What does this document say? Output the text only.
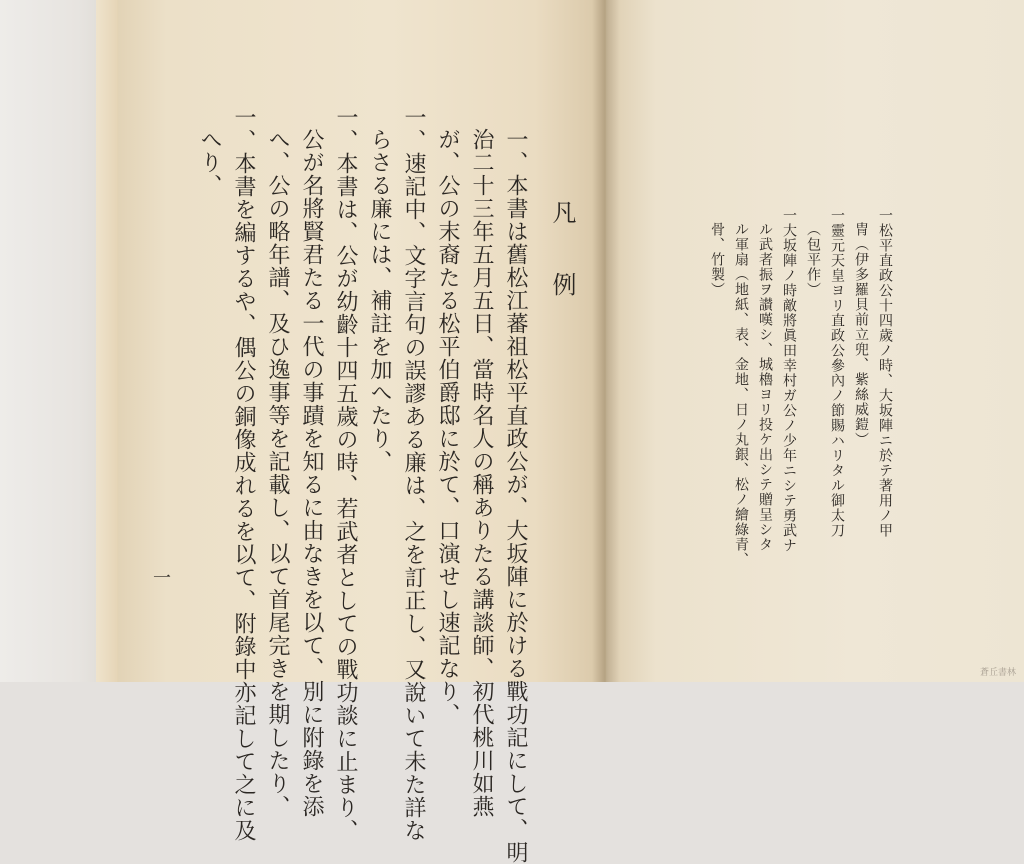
凡例
一、本書は舊松江蕃祖松平直政公が、大坂陣に於ける戰功記にして、明
治二十三年五月五日、當時名人の稱ありたる講談師、初代桃川如燕
が、公の末裔たる松平伯爵邸に於て、口演せし速記なり、
一、速記中、文字言句の誤謬ある廉は、之を訂正し、又說いて未た詳な
らさる廉には、補註を加へたり、
一、本書は、公が幼齡十四五歲の時、若武者としての戰功談に止まり、
公が名將賢君たる一代の事蹟を知るに由なきを以て、別に附錄を添
へ、公の略年譜、及ひ逸事等を記載し、以て首尾完きを期したり、
一、本書を編するや、偶公の銅像成れるを以て、附錄中亦記して之に及
へり、
一
一松平直政公十四歲ノ時、大坂陣ニ於テ著用ノ甲
冑（伊多羅貝前立兜、紫絲威鎧）
一靈元天皇ヨリ直政公參內ノ節賜ハリタル御太刀
（包平作）
一大坂陣ノ時敵將眞田幸村ガ公ノ少年ニシテ勇武ナ
ル武者振ヲ讃嘆シ、城櫓ヨリ投ケ出シテ贈呈シタ
ル軍扇（地紙、表、金地、日ノ丸銀、松ノ繪綠青、
骨、竹製）
蒼丘書林
